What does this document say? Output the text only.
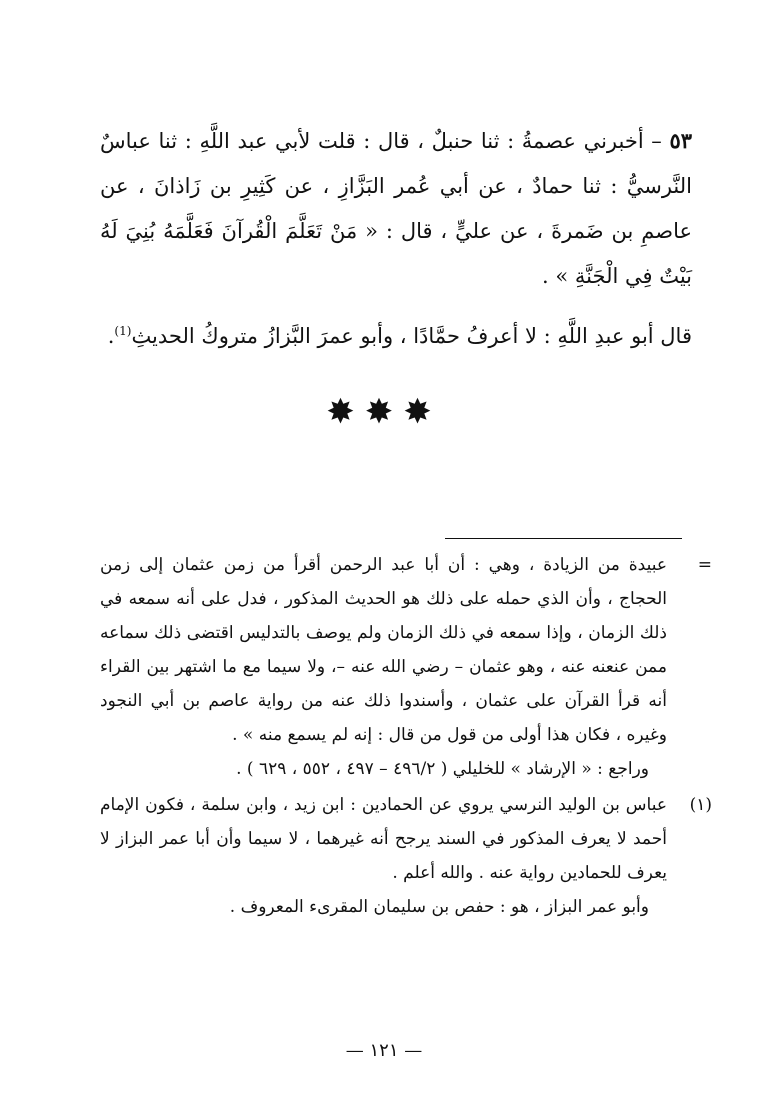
٥٣ – أخبرني عصمةُ : ثنا حنبلٌ ، قال : قلت لأبي عبد اللَّهِ : ثنا عباسٌ النَّرسيُّ : ثنا حمادٌ ، عن أبي عُمر البَزَّازِ ، عن كَثِيرِ بن زَاذانَ ، عن عاصمِ بن ضَمرةَ ، عن عليٍّ ، قال : « مَنْ تَعَلَّمَ الْقُرآنَ فَعَلَّمَهُ بُنِيَ لَهُ بَيْتٌ فِي الْجَنَّةِ » .

قال أبو عبدِ اللَّهِ : لا أعرفُ حمَّادًا ، وأبو عمرَ البَّزازُ متروكُ الحديثِ$^{(1)}$.

✸✸✸
=
عبيدة من الزيادة ، وهي : أن أبا عبد الرحمن أقرأ من زمن عثمان إلى زمن الحجاج ، وأن الذي حمله على ذلك هو الحديث المذكور ، فدل على أنه سمعه في ذلك الزمان ، وإذا سمعه في ذلك الزمان ولم يوصف بالتدليس اقتضى ذلك سماعه ممن عنعنه عنه ، وهو عثمان – رضي الله عنه –، ولا سيما مع ما اشتهر بين القراء أنه قرأ القرآن على عثمان ، وأسندوا ذلك عنه من رواية عاصم بن أبي النجود وغيره ، فكان هذا أولى من قول من قال : إنه لم يسمع منه » .
وراجع : « الإرشاد » للخليلي ( ٤٩٦/٢ – ٤٩٧ ، ٥٥٢ ، ٦٢٩ ) .
(١)
عباس بن الوليد النرسي يروي عن الحمادين : ابن زيد ، وابن سلمة ، فكون الإمام أحمد لا يعرف المذكور في السند يرجح أنه غيرهما ، لا سيما وأن أبا عمر البزاز لا يعرف للحمادين رواية عنه . والله أعلم .
وأبو عمر البزاز ، هو : حفص بن سليمان المقرىء المعروف .
— ١٢١ —
